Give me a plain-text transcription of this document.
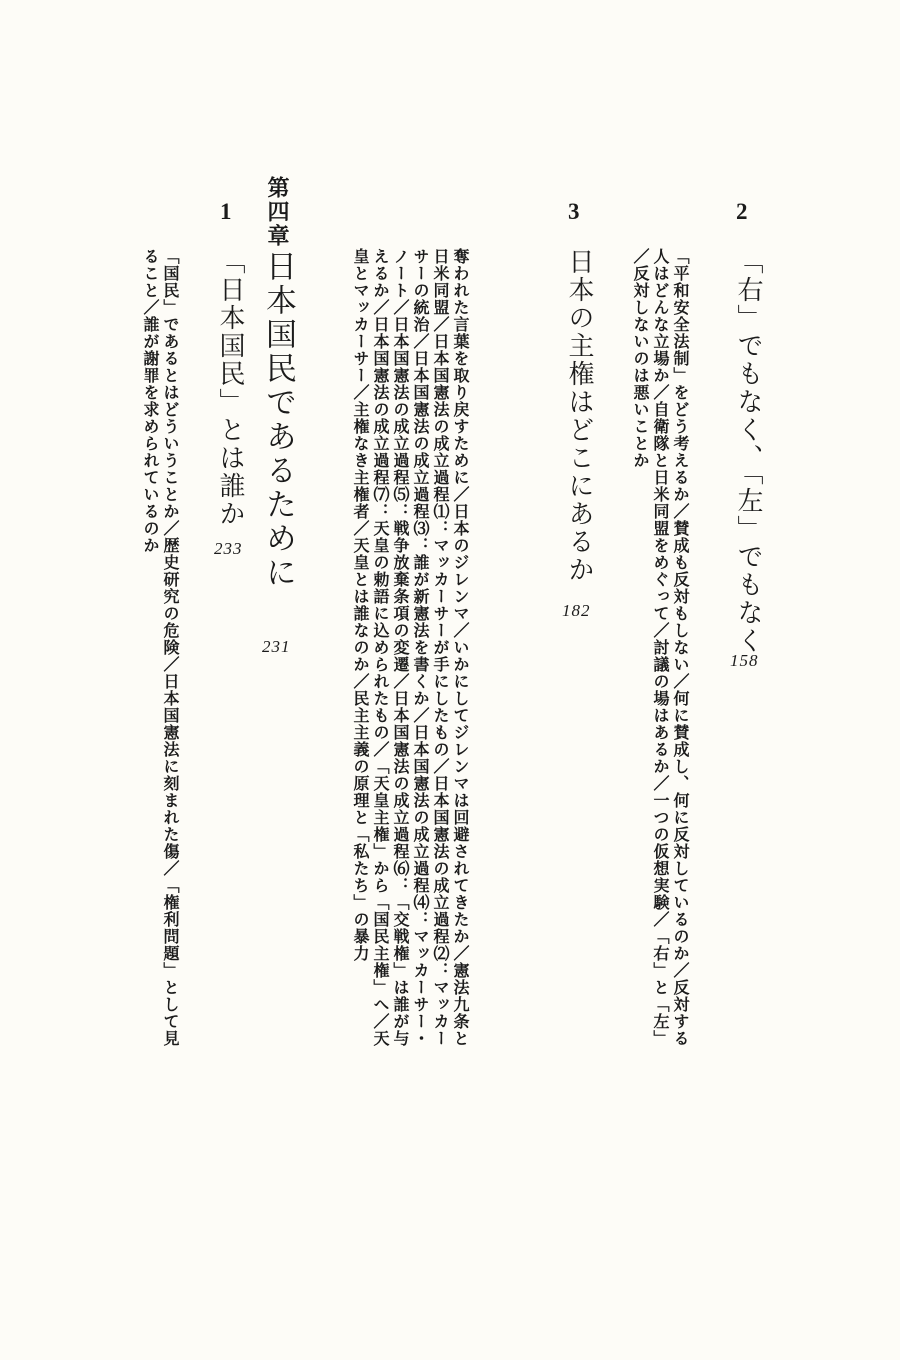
2
「右」でもなく、「左」でもなく
158
「平和安全法制」をどう考えるか／賛成も反対もしない／何に賛成し、何に反対しているのか／反対する
人はどんな立場か／自衛隊と日米同盟をめぐって／討議の場はあるか／一つの仮想実験／「右」と「左」
／反対しないのは悪いことか
3
日本の主権はどこにあるか
182
奪われた言葉を取り戻すために／日本のジレンマ／いかにしてジレンマは回避されてきたか／憲法九条と
日米同盟／日本国憲法の成立過程⑴：マッカーサーが手にしたもの／日本国憲法の成立過程⑵：マッカー
サーの統治／日本国憲法の成立過程⑶：誰が新憲法を書くか／日本国憲法の成立過程⑷：マッカーサー・
ノート／日本国憲法の成立過程⑸：戦争放棄条項の変遷／日本国憲法の成立過程⑹：「交戦権」は誰が与
えるか／日本国憲法の成立過程⑺：天皇の勅語に込められたもの／「天皇主権」から「国民主権」へ／天
皇とマッカーサー／主権なき主権者／天皇とは誰なのか／民主主義の原理と「私たち」の暴力
第四章
日本国民であるために
231
1
「日本国民」とは誰か
233
「国民」であるとはどういうことか／歴史研究の危険／日本国憲法に刻まれた傷／「権利問題」として見
ること／誰が謝罪を求められているのか
